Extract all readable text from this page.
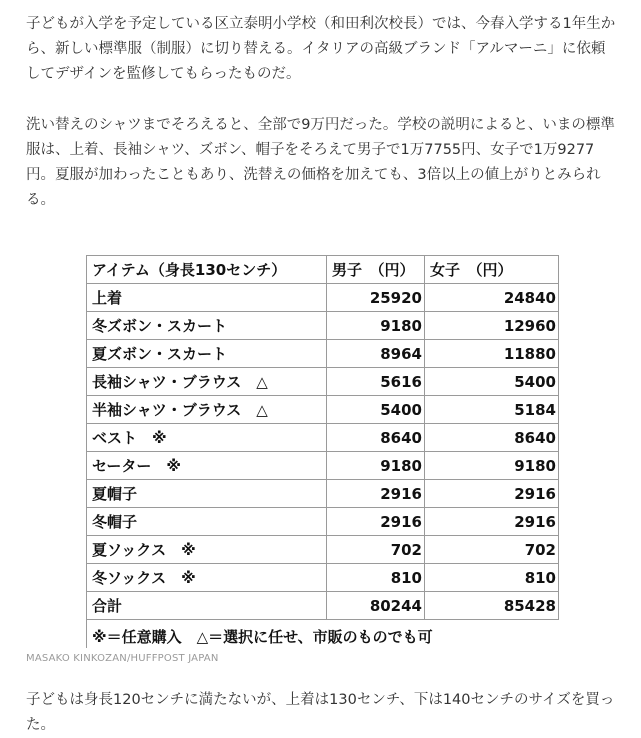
子どもが入学を予定している区立泰明小学校（和田利次校長）では、今春入学する1年生から、新しい標準服（制服）に切り替える。イタリアの高級ブランド「アルマーニ」に依頼してデザインを監修してもらったものだ。

洗い替えのシャツまでそろえると、全部で9万円だった。学校の説明によると、いまの標準服は、上着、長袖シャツ、ズボン、帽子をそろえて男子で1万7755円、女子で1万9277円。夏服が加わったこともあり、洗替えの価格を加えても、3倍以上の値上がりとみられる。

アイテム（身長130センチ）	男子　（円）	女子　（円）
上着	25920	24840
冬ズボン・スカート	9180	12960
夏ズボン・スカート	8964	11880
長袖シャツ・ブラウス　△	5616	5400
半袖シャツ・ブラウス　△	5400	5184
ベスト　※	8640	8640
セーター　※	9180	9180
夏帽子	2916	2916
冬帽子	2916	2916
夏ソックス　※	702	702
冬ソックス　※	810	810
合計	80244	85428
※＝任意購入　△＝選択に任せ、市販のものでも可
MASAKO KINKOZAN/HUFFPOST JAPAN

子どもは身長120センチに満たないが、上着は130センチ、下は140センチのサイズを買った。
